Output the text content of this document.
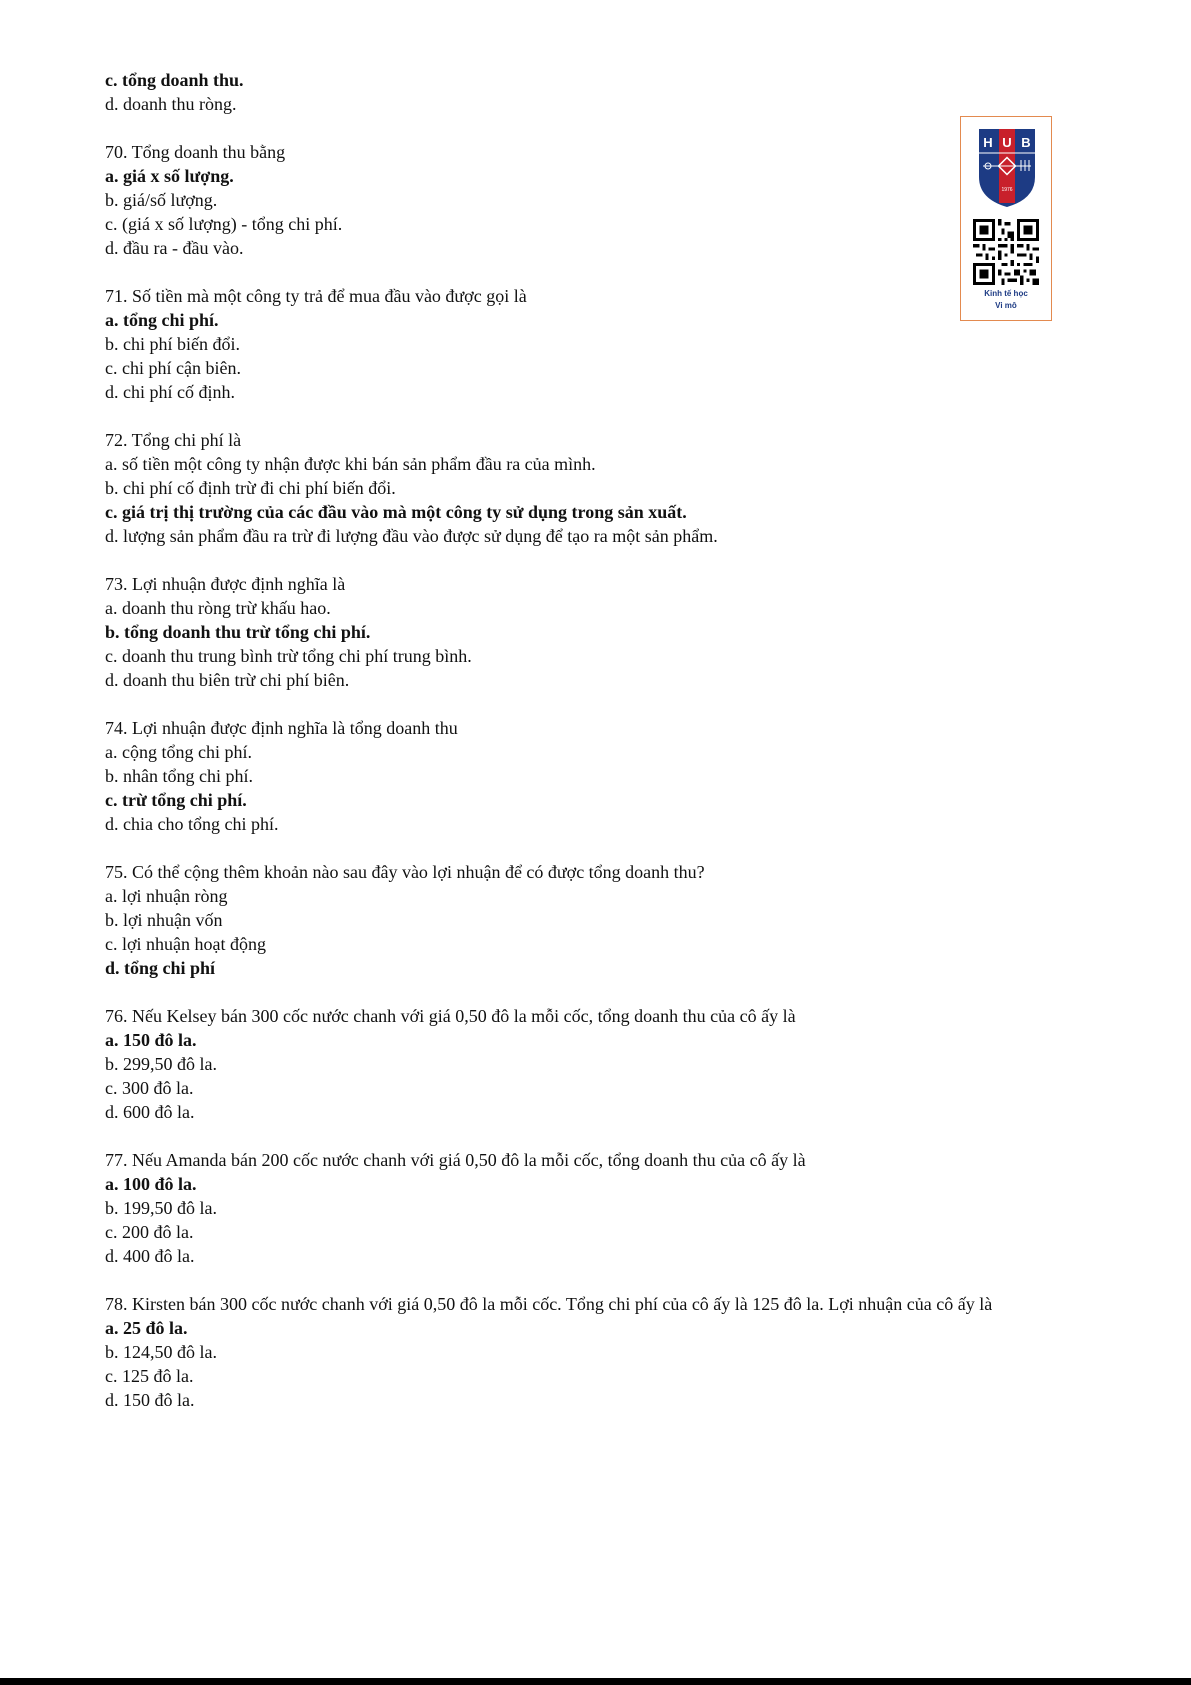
c. tổng doanh thu.
d. doanh thu ròng.
70. Tổng doanh thu bằng
a. giá x số lượng.
b. giá/số lượng.
c. (giá x số lượng) - tổng chi phí.
d. đầu ra - đầu vào.
71. Số tiền mà một công ty trả để mua đầu vào được gọi là
a. tổng chi phí.
b. chi phí biến đổi.
c. chi phí cận biên.
d. chi phí cố định.
72. Tổng chi phí là
a. số tiền một công ty nhận được khi bán sản phẩm đầu ra của mình.
b. chi phí cố định trừ đi chi phí biến đổi.
c. giá trị thị trường của các đầu vào mà một công ty sử dụng trong sản xuất.
d. lượng sản phẩm đầu ra trừ đi lượng đầu vào được sử dụng để tạo ra một sản phẩm.
73. Lợi nhuận được định nghĩa là
a. doanh thu ròng trừ khấu hao.
b. tổng doanh thu trừ tổng chi phí.
c. doanh thu trung bình trừ tổng chi phí trung bình.
d. doanh thu biên trừ chi phí biên.
74. Lợi nhuận được định nghĩa là tổng doanh thu
a. cộng tổng chi phí.
b. nhân tổng chi phí.
c. trừ tổng chi phí.
d. chia cho tổng chi phí.
75. Có thể cộng thêm khoản nào sau đây vào lợi nhuận để có được tổng doanh thu?
a. lợi nhuận ròng
b. lợi nhuận vốn
c. lợi nhuận hoạt động
d. tổng chi phí
76. Nếu Kelsey bán 300 cốc nước chanh với giá 0,50 đô la mỗi cốc, tổng doanh thu của cô ấy là
a. 150 đô la.
b. 299,50 đô la.
c. 300 đô la.
d. 600 đô la.
77. Nếu Amanda bán 200 cốc nước chanh với giá 0,50 đô la mỗi cốc, tổng doanh thu của cô ấy là
a. 100 đô la.
b. 199,50 đô la.
c. 200 đô la.
d. 400 đô la.
78. Kirsten bán 300 cốc nước chanh với giá 0,50 đô la mỗi cốc. Tổng chi phí của cô ấy là 125 đô la. Lợi nhuận của cô ấy là
a. 25 đô la.
b. 124,50 đô la.
c. 125 đô la.
d. 150 đô la.
H U B
1976
Kinh tế học
Vi mô
